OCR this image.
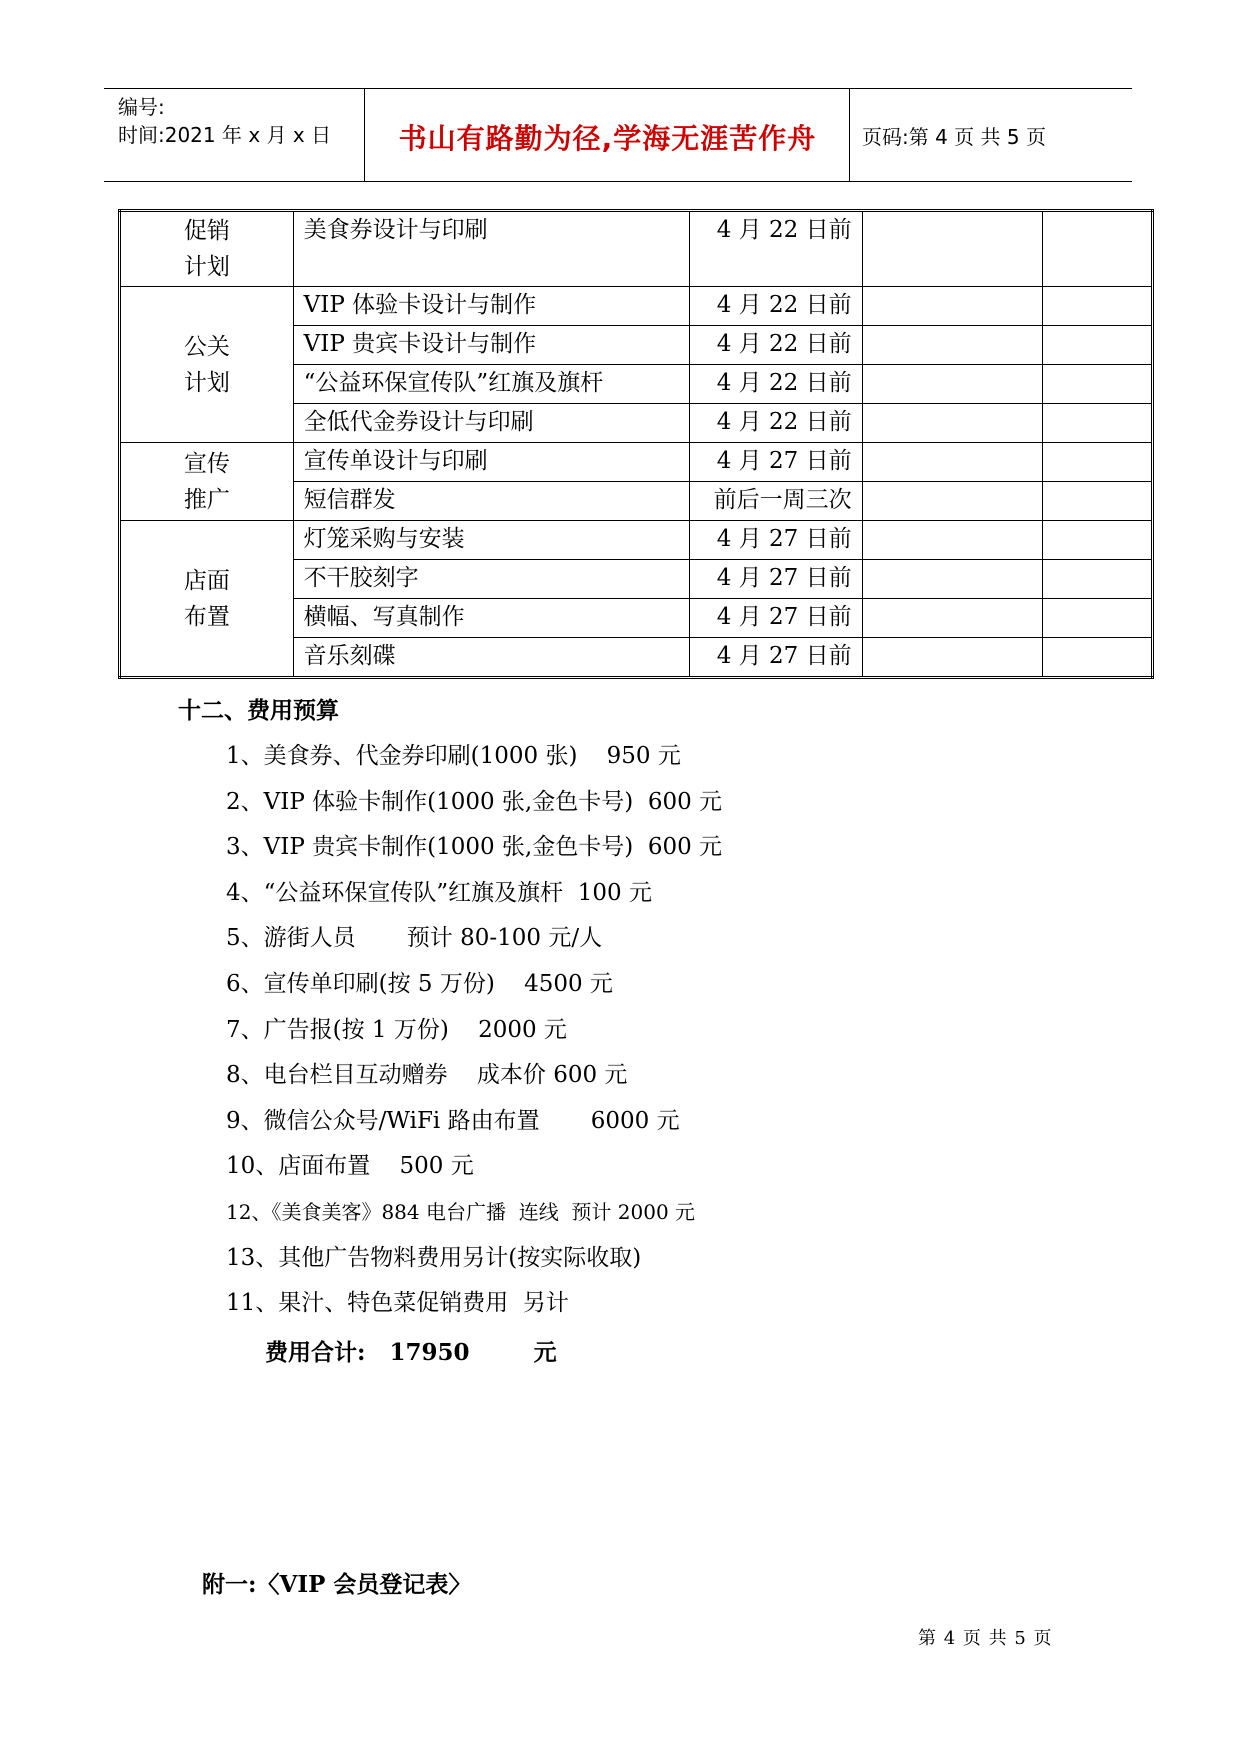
编号:
时间:2021 年 x 月 x 日	书山有路勤为径,学海无涯苦作舟	页码:第 4 页 共 5 页
促销
计划	美食券设计与印刷	4 月 22 日前		
公关
计划	VIP 体验卡设计与制作	4 月 22 日前		
	VIP 贵宾卡设计与制作	4 月 22 日前		
	“公益环保宣传队”红旗及旗杆	4 月 22 日前		
	全低代金券设计与印刷	4 月 22 日前		
宣传
推广	宣传单设计与印刷	4 月 27 日前		
	短信群发	前后一周三次		
店面
布置	灯笼采购与安装	4 月 27 日前		
	不干胶刻字	4 月 27 日前		
	横幅、写真制作	4 月 27 日前		
	音乐刻碟	4 月 27 日前		
十二、费用预算
1、美食券、代金券印刷(1000 张)    950 元
2、VIP 体验卡制作(1000 张,金色卡号)  600 元
3、VIP 贵宾卡制作(1000 张,金色卡号)  600 元
4、“公益环保宣传队”红旗及旗杆  100 元
5、游街人员       预计 80-100 元/人
6、宣传单印刷(按 5 万份)    4500 元
7、广告报(按 1 万份)    2000 元
8、电台栏目互动赠券    成本价 600 元
9、微信公众号/WiFi 路由布置       6000 元
10、店面布置    500 元
12、《美食美客》884 电台广播  连线  预计 2000 元
13、其他广告物料费用另计(按实际收取)
11、果汁、特色菜促销费用  另计
费用合计:   17950        元
附一:〈VIP 会员登记表〉
第 4 页 共 5 页
